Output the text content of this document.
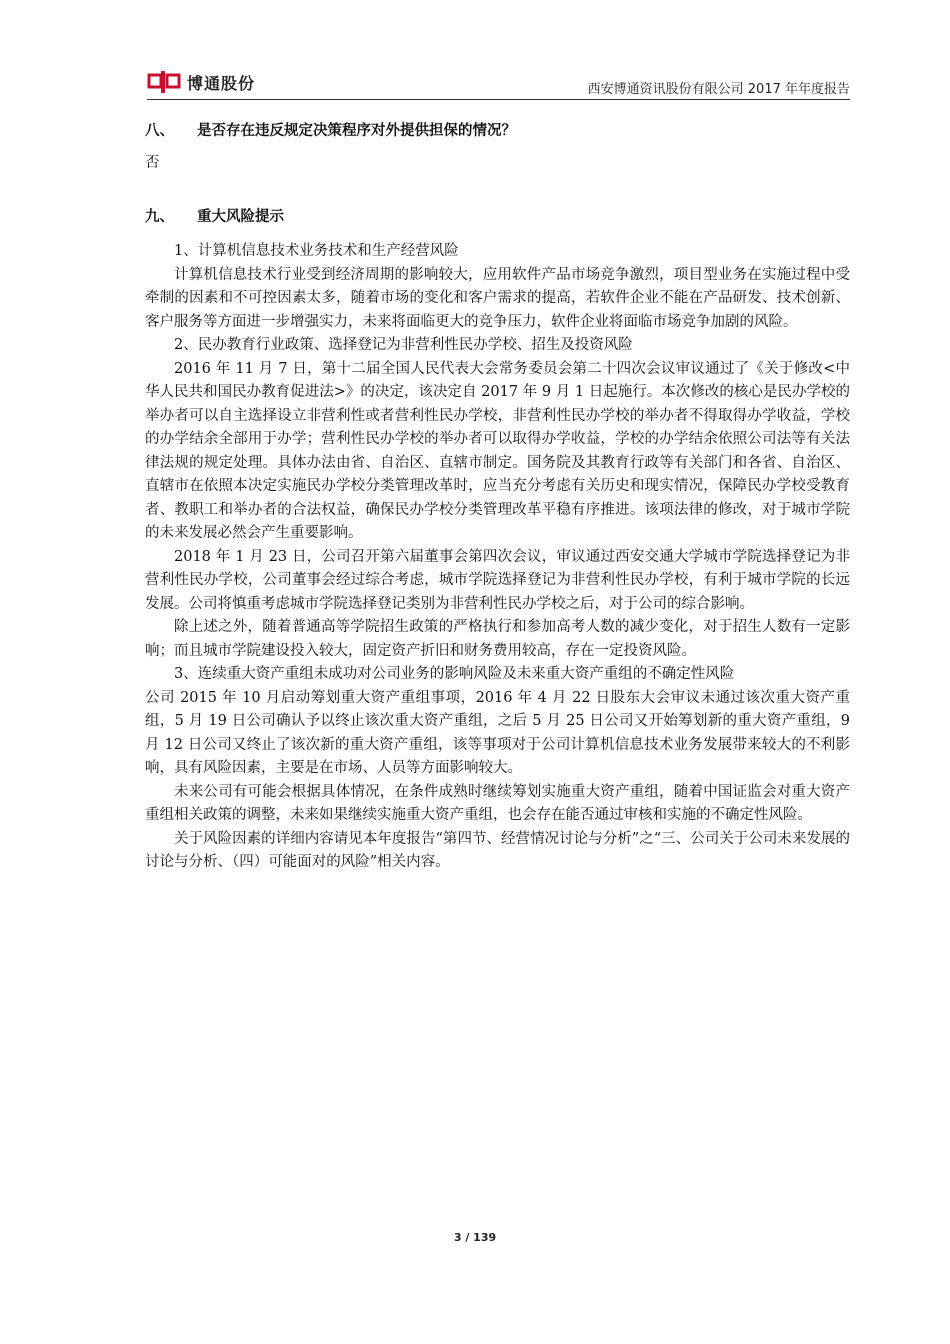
博通股份	西安博通资讯股份有限公司 2017 年年度报告
八、	是否存在违反规定决策程序对外提供担保的情况？
否
九、	重大风险提示

1、计算机信息技术业务技术和生产经营风险

计算机信息技术行业受到经济周期的影响较大，应用软件产品市场竞争激烈，项目型业务在实施过程中受牵制的因素和不可控因素太多，随着市场的变化和客户需求的提高，若软件企业不能在产品研发、技术创新、客户服务等方面进一步增强实力，未来将面临更大的竞争压力，软件企业将面临市场竞争加剧的风险。

2、民办教育行业政策、选择登记为非营利性民办学校、招生及投资风险

2016 年 11 月 7 日，第十二届全国人民代表大会常务委员会第二十四次会议审议通过了《关于修改<中华人民共和国民办教育促进法>》的决定，该决定自 2017 年 9 月 1 日起施行。本次修改的核心是民办学校的举办者可以自主选择设立非营利性或者营利性民办学校，非营利性民办学校的举办者不得取得办学收益，学校的办学结余全部用于办学；营利性民办学校的举办者可以取得办学收益，学校的办学结余依照公司法等有关法律法规的规定处理。具体办法由省、自治区、直辖市制定。国务院及其教育行政等有关部门和各省、自治区、直辖市在依照本决定实施民办学校分类管理改革时，应当充分考虑有关历史和现实情况，保障民办学校受教育者、教职工和举办者的合法权益，确保民办学校分类管理改革平稳有序推进。该项法律的修改，对于城市学院的未来发展必然会产生重要影响。

2018 年 1 月 23 日，公司召开第六届董事会第四次会议，审议通过西安交通大学城市学院选择登记为非营利性民办学校，公司董事会经过综合考虑，城市学院选择登记为非营利性民办学校，有利于城市学院的长远发展。公司将慎重考虑城市学院选择登记类别为非营利性民办学校之后，对于公司的综合影响。

除上述之外，随着普通高等学院招生政策的严格执行和参加高考人数的减少变化，对于招生人数有一定影响；而且城市学院建设投入较大，固定资产折旧和财务费用较高，存在一定投资风险。

3、连续重大资产重组未成功对公司业务的影响风险及未来重大资产重组的不确定性风险

公司 2015 年 10 月启动筹划重大资产重组事项，2016 年 4 月 22 日股东大会审议未通过该次重大资产重组，5 月 19 日公司确认予以终止该次重大资产重组，之后 5 月 25 日公司又开始筹划新的重大资产重组，9 月 12 日公司又终止了该次新的重大资产重组，该等事项对于公司计算机信息技术业务发展带来较大的不利影响，具有风险因素，主要是在市场、人员等方面影响较大。

未来公司有可能会根据具体情况，在条件成熟时继续筹划实施重大资产重组，随着中国证监会对重大资产重组相关政策的调整，未来如果继续实施重大资产重组，也会存在能否通过审核和实施的不确定性风险。

关于风险因素的详细内容请见本年度报告“第四节、经营情况讨论与分析”之“三、公司关于公司未来发展的讨论与分析、（四）可能面对的风险”相关内容。

3 / 139
